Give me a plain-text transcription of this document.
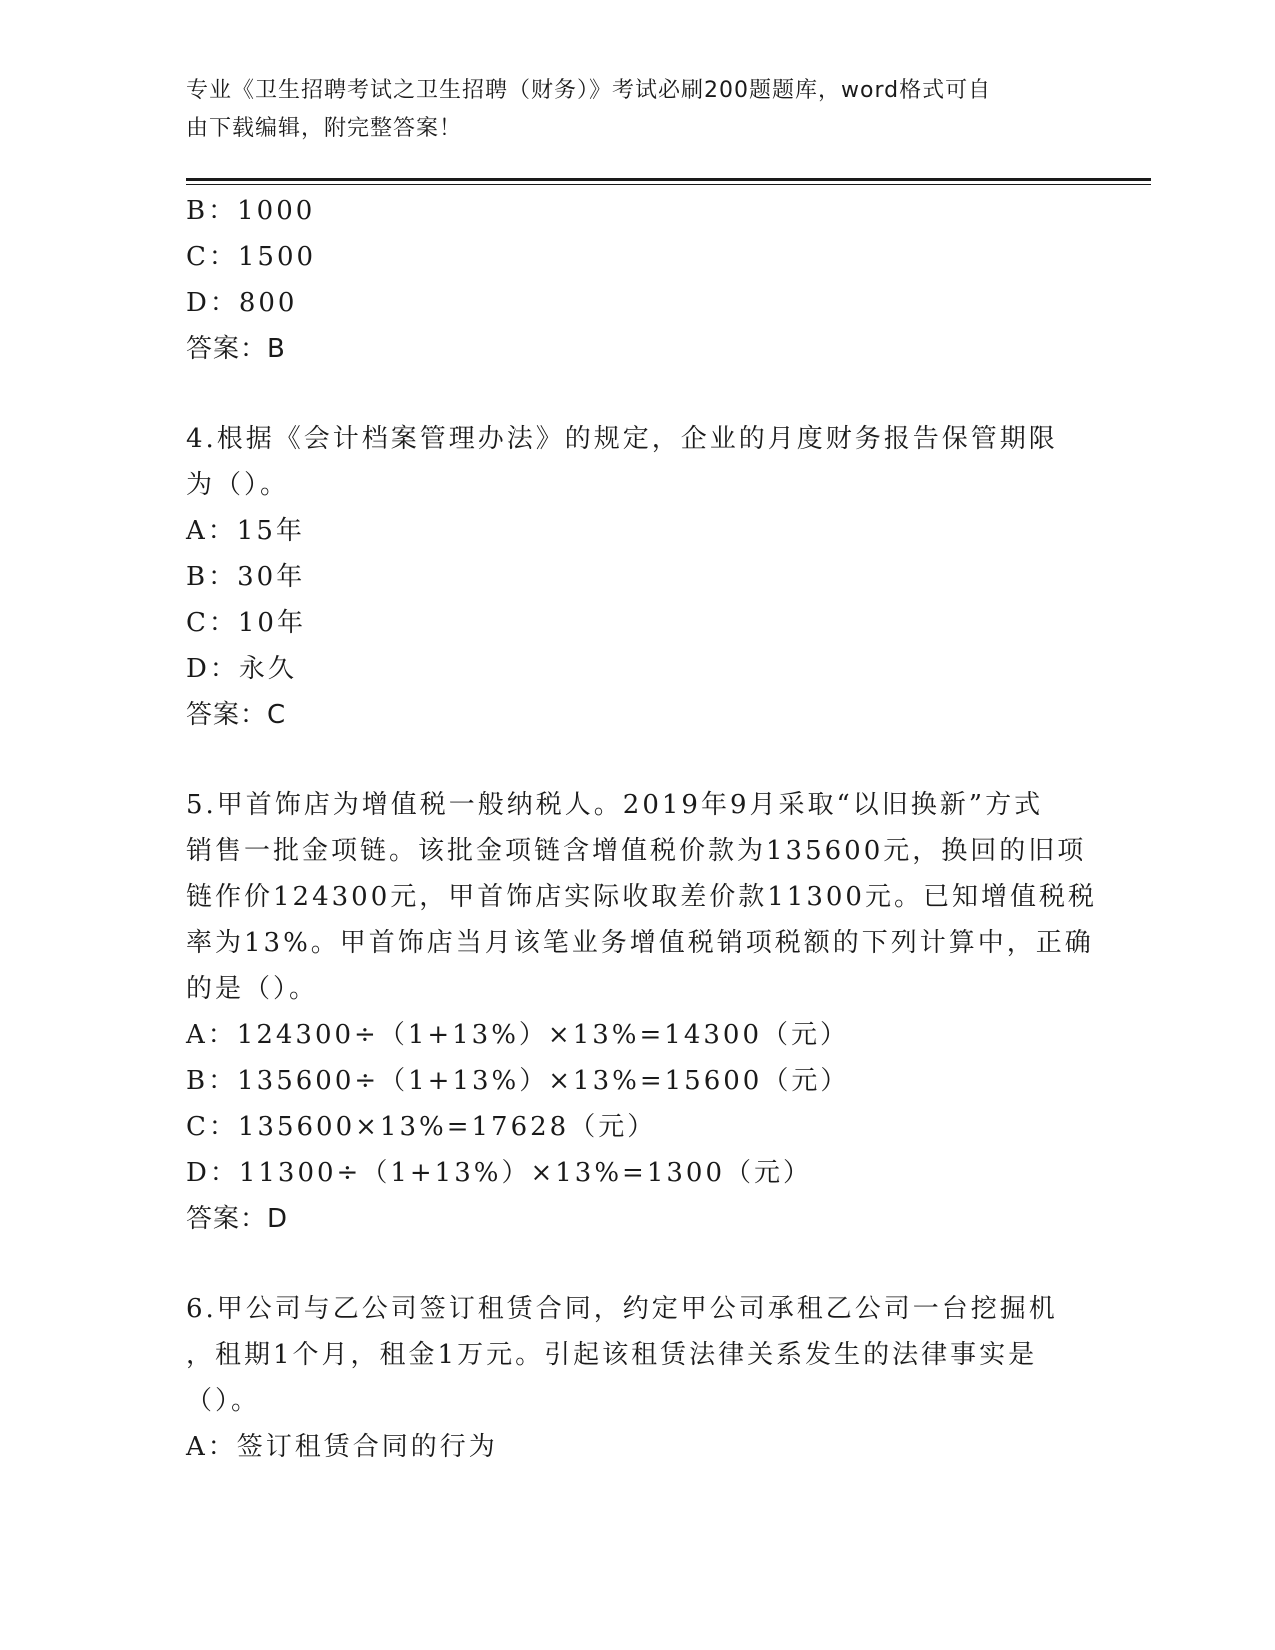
专业《卫生招聘考试之卫生招聘（财务）》考试必刷200题题库，word格式可自
由下载编辑，附完整答案！
B：1000
C：1500
D：800
答案：B
4.根据《会计档案管理办法》的规定，企业的月度财务报告保管期限
为（）。
A：15年
B：30年
C：10年
D：永久
答案：C
5.甲首饰店为增值税一般纳税人。2019年9月采取“以旧换新”方式
销售一批金项链。该批金项链含增值税价款为135600元，换回的旧项
链作价124300元，甲首饰店实际收取差价款11300元。已知增值税税
率为13%。甲首饰店当月该笔业务增值税销项税额的下列计算中，正确
的是（）。
A：124300÷（1+13%）×13%=14300（元）
B：135600÷（1+13%）×13%=15600（元）
C：135600×13%=17628（元）
D：11300÷（1+13%）×13%=1300（元）
答案：D
6.甲公司与乙公司签订租赁合同，约定甲公司承租乙公司一台挖掘机
，租期1个月，租金1万元。引起该租赁法律关系发生的法律事实是
（）。
A：签订租赁合同的行为
